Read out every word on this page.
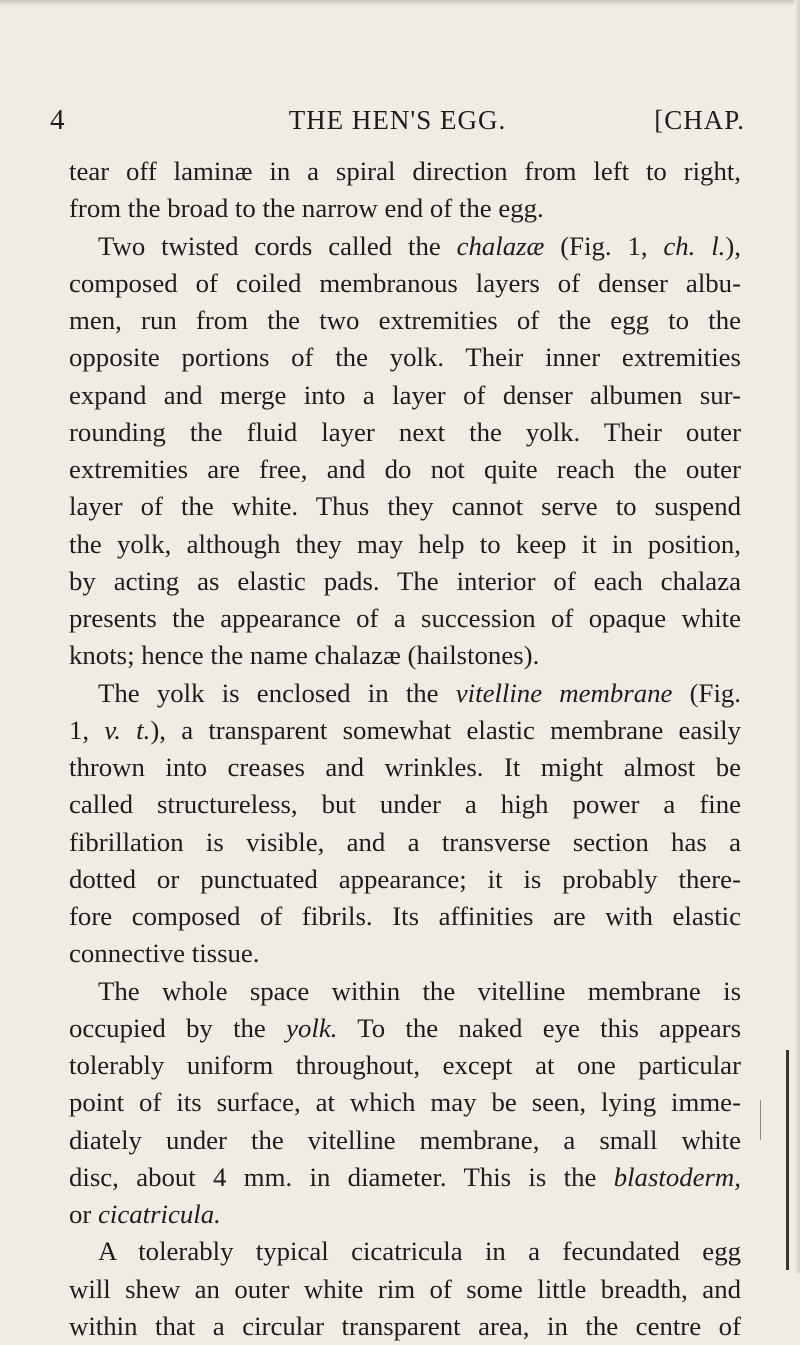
4	THE HEN'S EGG.	[CHAP.
tear off laminæ in a spiral direction from left to right,
from the broad to the narrow end of the egg.
Two twisted cords called the chalazæ (Fig. 1, ch. l.),
composed of coiled membranous layers of denser albu-
men, run from the two extremities of the egg to the
opposite portions of the yolk. Their inner extremities
expand and merge into a layer of denser albumen sur-
rounding the fluid layer next the yolk. Their outer
extremities are free, and do not quite reach the outer
layer of the white. Thus they cannot serve to suspend
the yolk, although they may help to keep it in position,
by acting as elastic pads. The interior of each chalaza
presents the appearance of a succession of opaque white
knots; hence the name chalazæ (hailstones).
The yolk is enclosed in the vitelline membrane (Fig.
1, v. t.), a transparent somewhat elastic membrane easily
thrown into creases and wrinkles. It might almost be
called structureless, but under a high power a fine
fibrillation is visible, and a transverse section has a
dotted or punctuated appearance; it is probably there-
fore composed of fibrils. Its affinities are with elastic
connective tissue.
The whole space within the vitelline membrane is
occupied by the yolk. To the naked eye this appears
tolerably uniform throughout, except at one particular
point of its surface, at which may be seen, lying imme-
diately under the vitelline membrane, a small white
disc, about 4 mm. in diameter. This is the blastoderm,
or cicatricula.
A tolerably typical cicatricula in a fecundated egg
will shew an outer white rim of some little breadth, and
within that a circular transparent area, in the centre of
